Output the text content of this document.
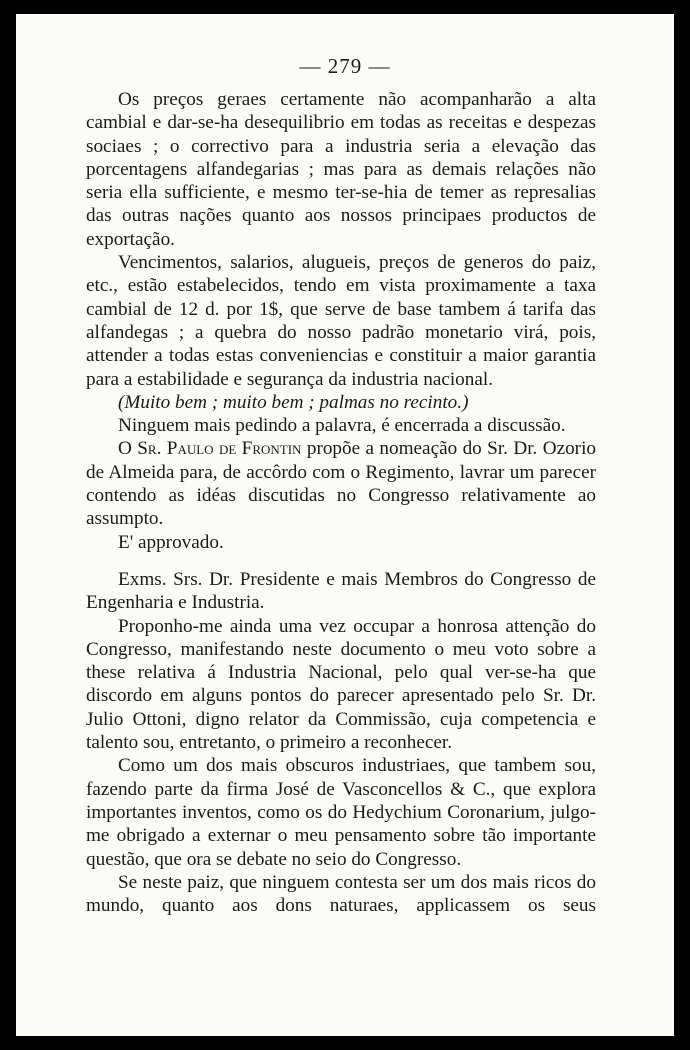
— 279 —

Os preços geraes certamente não acompanharão a alta cambial e dar-se-ha desequilibrio em todas as receitas e despezas sociaes ; o correctivo para a industria seria a elevação das porcentagens alfandegarias ; mas para as demais relações não seria ella sufficiente, e mesmo ter-se-hia de temer as represalias das outras nações quanto aos nossos principaes productos de exportação.

Vencimentos, salarios, alugueis, preços de generos do paiz, etc., estão estabelecidos, tendo em vista proximamente a taxa cambial de 12 d. por 1$, que serve de base tambem á tarifa das alfandegas ; a quebra do nosso padrão monetario virá, pois, attender a todas estas conveniencias e constituir a maior garantia para a estabilidade e segurança da industria nacional.

(Muito bem ; muito bem ; palmas no recinto.)

Ninguem mais pedindo a palavra, é encerrada a discussão.

O Sr. Paulo de Frontin propõe a nomeação do Sr. Dr. Ozorio de Almeida para, de accôrdo com o Regimento, lavrar um parecer contendo as idéas discutidas no Congresso relativamente ao assumpto.

E' approvado.

Exms. Srs. Dr. Presidente e mais Membros do Congresso de Engenharia e Industria.

Proponho-me ainda uma vez occupar a honrosa attenção do Congresso, manifestando neste documento o meu voto sobre a these relativa á Industria Nacional, pelo qual ver-se-ha que discordo em alguns pontos do parecer apresentado pelo Sr. Dr. Julio Ottoni, digno relator da Commissão, cuja competencia e talento sou, entretanto, o primeiro a reconhecer.

Como um dos mais obscuros industriaes, que tambem sou, fazendo parte da firma José de Vasconcellos & C., que explora importantes inventos, como os do Hedychium Coronarium, julgo-me obrigado a externar o meu pensamento sobre tão importante questão, que ora se debate no seio do Congresso.

Se neste paiz, que ninguem contesta ser um dos mais ricos do mundo, quanto aos dons naturaes, applicassem os seus
